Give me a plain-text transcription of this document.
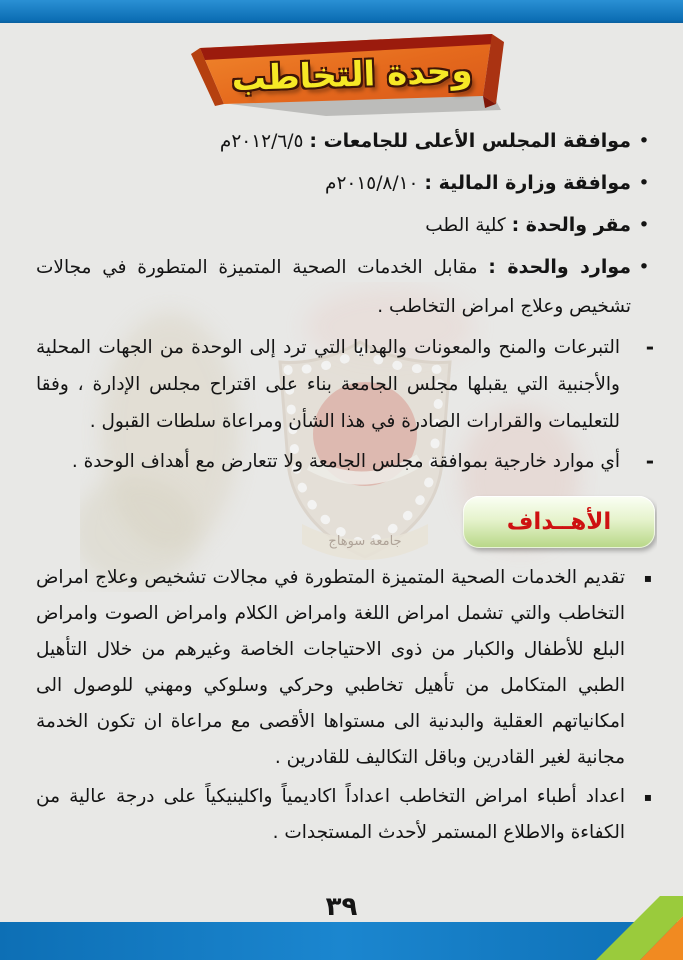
وحدة التخاطب
جامعة سوهاج
•
موافقة المجلس الأعلى للجامعات : ٢٠١٢/٦/٥م
•
موافقة وزارة المالية : ٢٠١٥/٨/١٠م
•
مقر والحدة : كلية الطب
•
موارد والحدة : مقابل الخدمات الصحية المتميزة المتطورة في مجالات تشخيص وعلاج امراض التخاطب .
-
التبرعات والمنح والمعونات والهدايا التي ترد إلى الوحدة من الجهات المحلية والأجنبية التي يقبلها مجلس الجامعة بناء على اقتراح مجلس الإدارة ، وفقا للتعليمات والقرارات الصادرة في هذا الشأن ومراعاة سلطات القبول .
-
أي موارد خارجية بموافقة مجلس الجامعة ولا تتعارض مع أهداف الوحدة .
الأهــداف
▪
تقديم الخدمات الصحية المتميزة المتطورة في مجالات تشخيص وعلاج امراض التخاطب والتي تشمل امراض اللغة وامراض الكلام وامراض الصوت وامراض البلع للأطفال والكبار من ذوى الاحتياجات الخاصة وغيرهم من خلال التأهيل الطبي المتكامل من تأهيل تخاطبي وحركي وسلوكي ومهني للوصول الى امكانياتهم العقلية والبدنية الى مستواها الأقصى مع مراعاة ان تكون الخدمة مجانية لغير القادرين وباقل التكاليف للقادرين .
▪
اعداد أطباء امراض التخاطب اعداداً اكاديمياً واكلينيكياً على درجة عالية من الكفاءة والاطلاع المستمر لأحدث المستجدات .
٣٩
